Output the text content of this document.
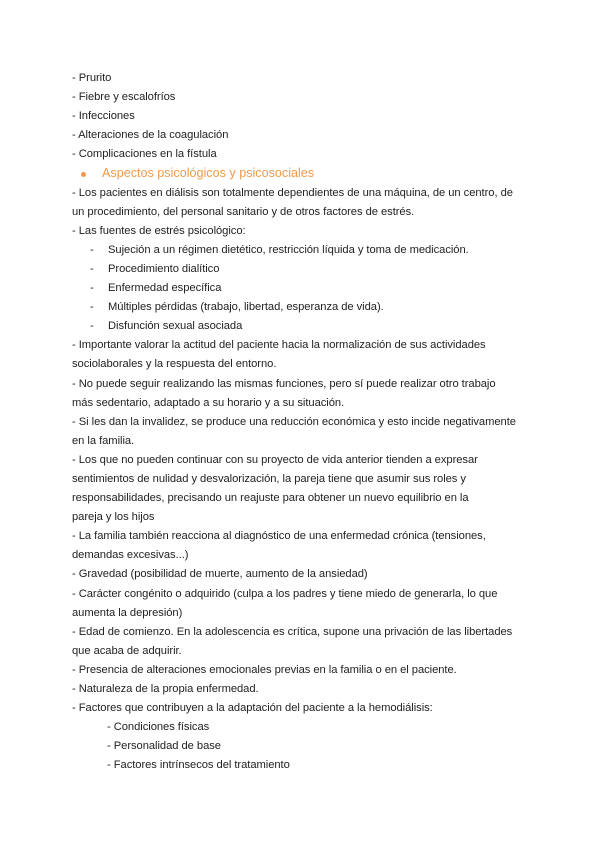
- Prurito
- Fiebre y escalofríos
- Infecciones
- Alteraciones de la coagulación
- Complicaciones en la fístula
Aspectos psicológicos y psicosociales
- Los pacientes en diálisis son totalmente dependientes de una máquina, de un centro, de
un procedimiento, del personal sanitario y de otros factores de estrés.
- Las fuentes de estrés psicológico:
-	Sujeción a un régimen dietético, restricción líquida y toma de medicación.
-	Procedimiento dialítico
-	Enfermedad específica
-	Múltiples pérdidas (trabajo, libertad, esperanza de vida).
-	Disfunción sexual asociada
- Importante valorar la actitud del paciente hacia la normalización de sus actividades
sociolaborales y la respuesta del entorno.
- No puede seguir realizando las mismas funciones, pero sí puede realizar otro trabajo
más sedentario, adaptado a su horario y a su situación.
- Si les dan la invalidez, se produce una reducción económica y esto incide negativamente
en la familia.
- Los que no pueden continuar con su proyecto de vida anterior tienden a expresar
sentimientos de nulidad y desvalorización, la pareja tiene que asumir sus roles y
responsabilidades, precisando un reajuste para obtener un nuevo equilibrio en la
pareja y los hijos
- La familia también reacciona al diagnóstico de una enfermedad crónica (tensiones,
demandas excesivas...)
- Gravedad (posibilidad de muerte, aumento de la ansiedad)
- Carácter congénito o adquirido (culpa a los padres y tiene miedo de generarla, lo que
aumenta la depresión)
- Edad de comienzo. En la adolescencia es crítica, supone una privación de las libertades
que acaba de adquirir.
- Presencia de alteraciones emocionales previas en la familia o en el paciente.
- Naturaleza de la propia enfermedad.
- Factores que contribuyen a la adaptación del paciente a la hemodiálisis:
- Condiciones físicas
- Personalidad de base
- Factores intrínsecos del tratamiento
